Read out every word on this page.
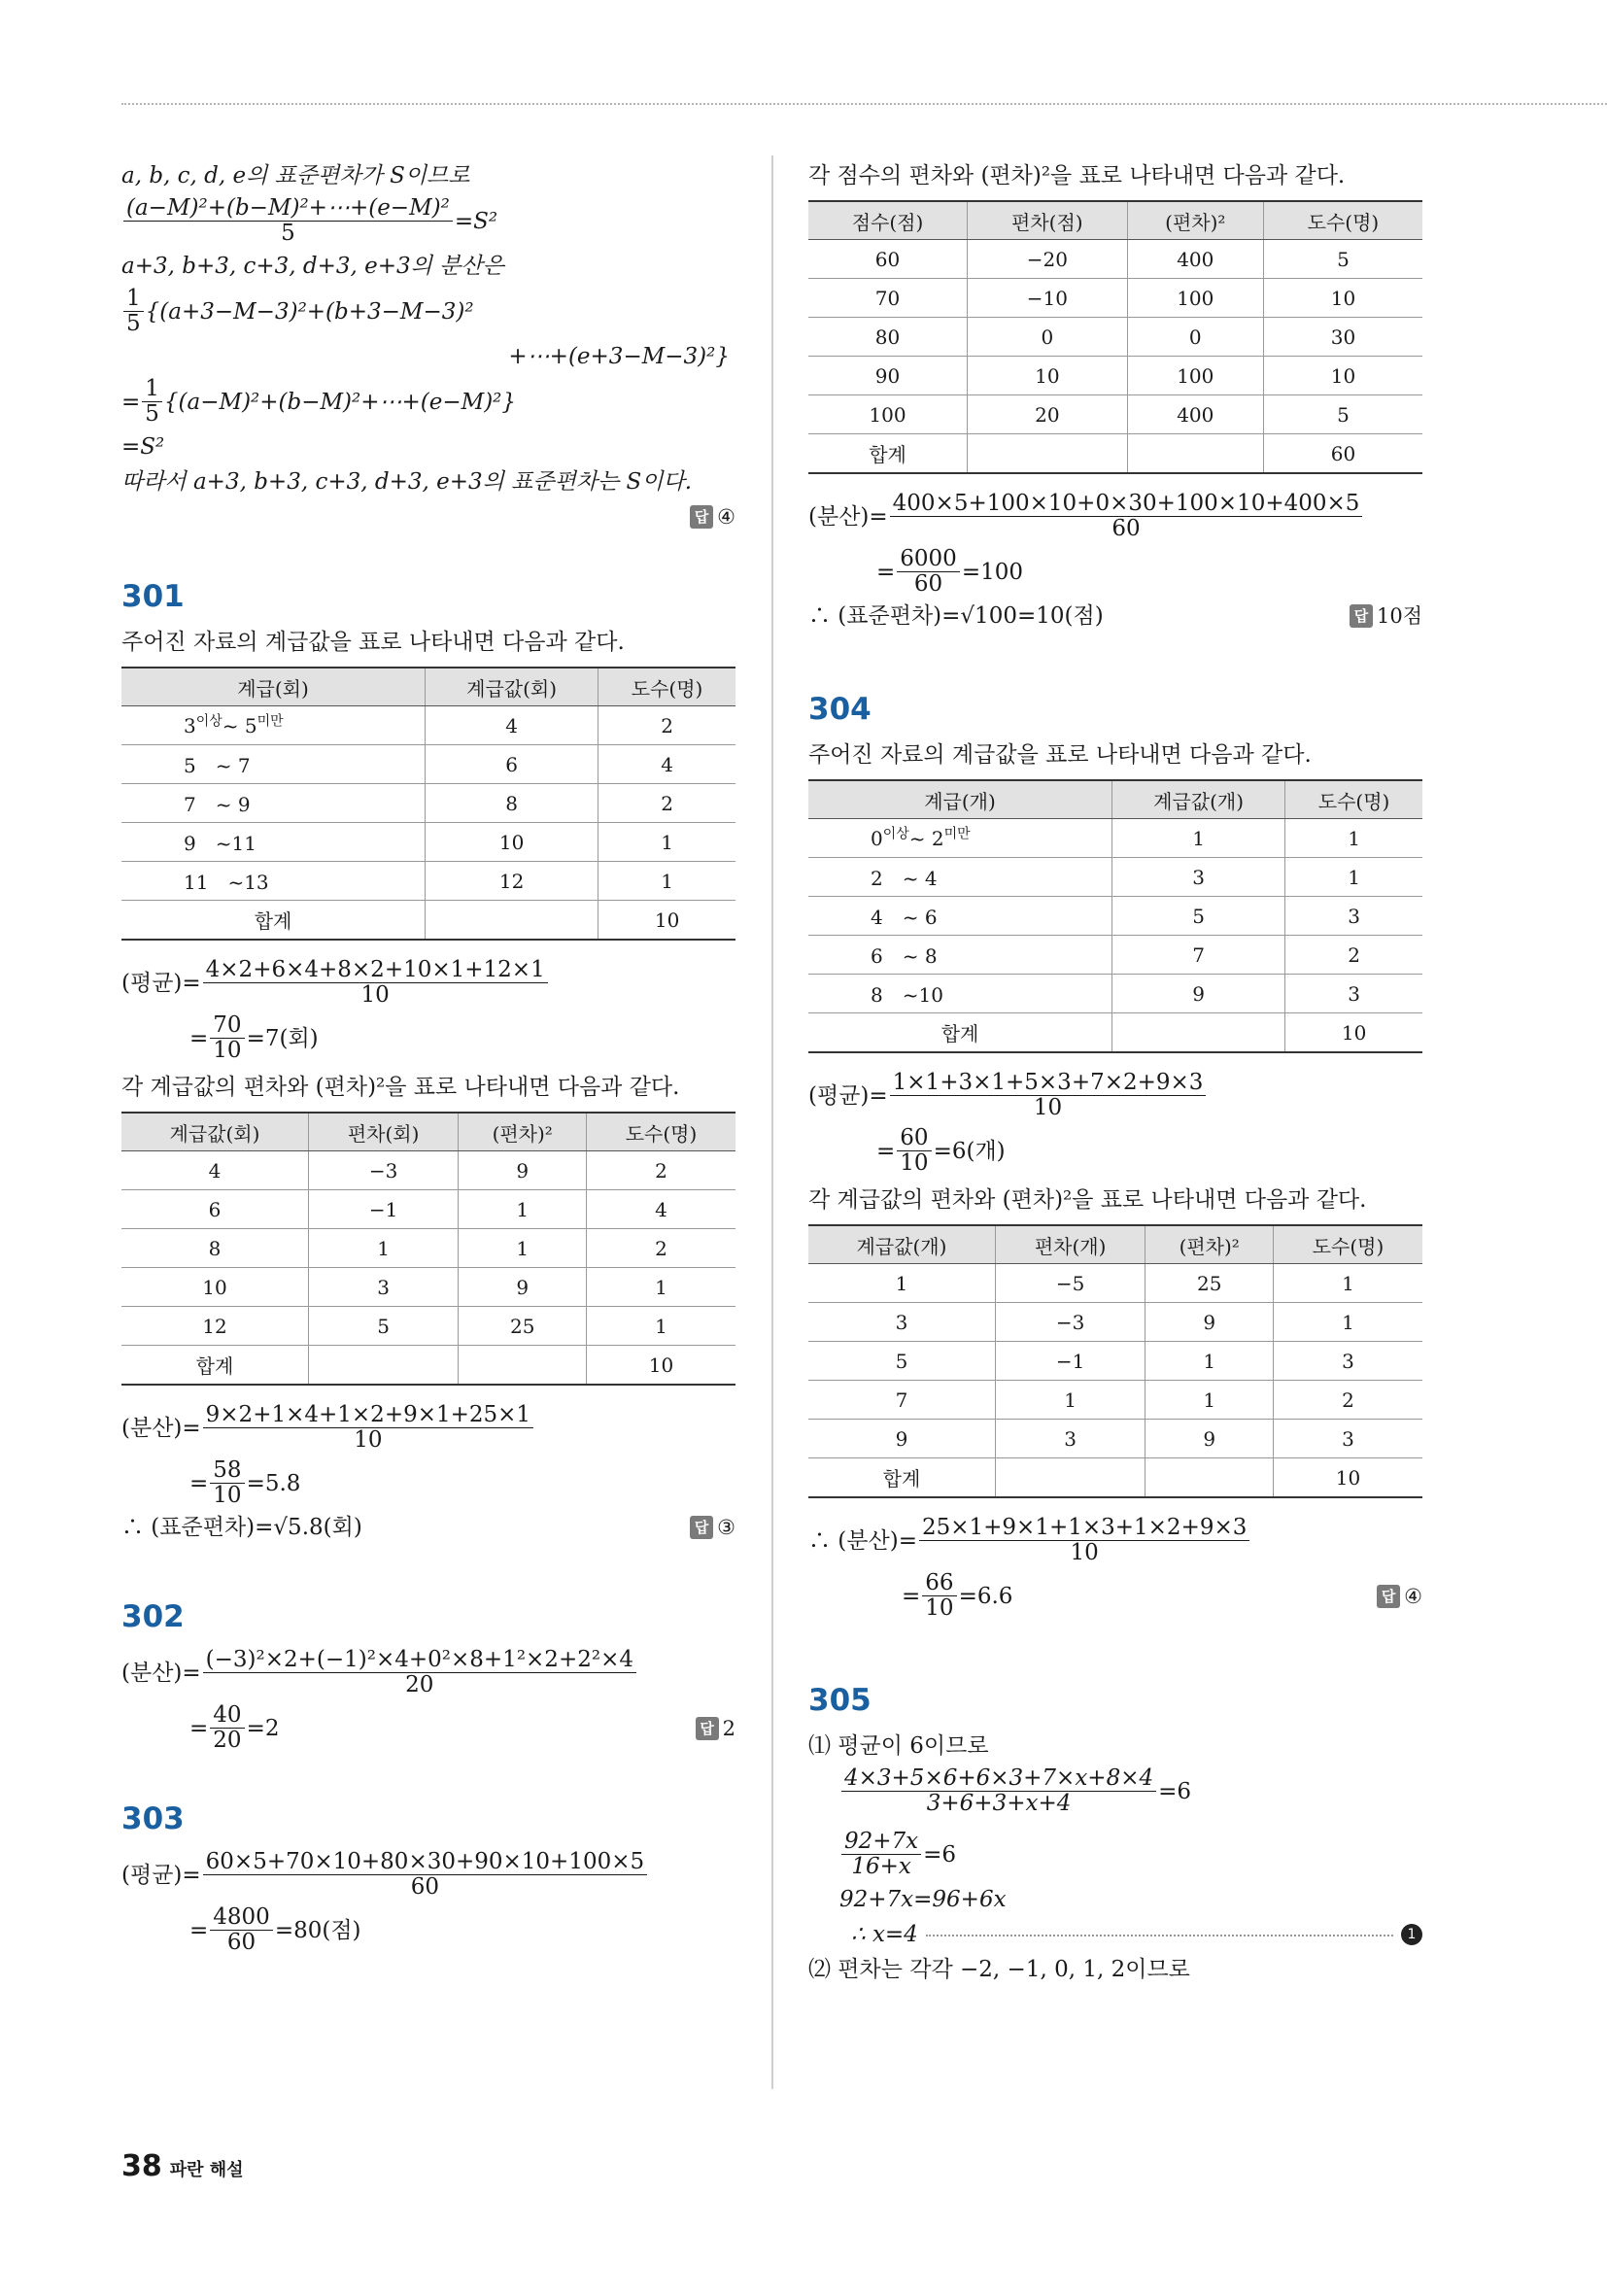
a, b, c, d, e의 표준편차가 S이므로
$\frac{\text{(a−M)²+(b−M)²+⋯+(e−M)²}}{5} =S^2$
a+3, b+3, c+3, d+3, e+3의 분산은
$\frac{1}{5} \{(a+3-M-3)^2+(b+3-M-3)^2$
+⋯+(e+3−M−3)²}
= $\frac{1}{5}$ {(a−M)²+(b−M)²+⋯+(e−M)²}
=S²
따라서 a+3, b+3, c+3, d+3, e+3의 표준편차는 S이다.
답 ④
301
주어진 자료의 계급값을 표로 나타내면 다음과 같다.
계급(회)	계급값(회)	도수(명)
$3^{이상}\sim$ $5^{미만}$	4	2
5　~ 7	6	4
7　~ 9	8	2
9　~11	10	1
11　~13	12	1
합계		10
(평균)= $\frac{4\times 2+6\times 4+8\times 2+10\times 1+12\times 1}{10}$
= $\frac{70}{10} =7$(회)
각 계급값의 편차와 (편차)²을 표로 나타내면 다음과 같다.
계급값(회)	편차(회)	(편차)²	도수(명)
4	−3	9	2
6	−1	1	4
8	1	1	2
10	3	9	1
12	5	25	1
합계			10
(분산)= $\frac{9\times 2+1\times 4+1\times 2+9\times 1+25\times 1}{10}$
= $\frac{58}{10} =5.8$
∴ (표준편차)=√5.8(회)	답 ③
302
(분산)= $\frac{\text{(−3)²×2+(−1)²×4+0²×8+1²×2+2²×4}}{20}$
= $\frac{40}{20} =2$	답 2
303
(평균)= $\frac{60\times 5+70\times 10+80\times 30+90\times 10+100\times 5}{60}$
= $\frac{4800}{60} =80$(점)
각 점수의 편차와 (편차)²을 표로 나타내면 다음과 같다.
점수(점)	편차(점)	(편차)²	도수(명)
60	−20	400	5
70	−10	100	10
80	0	0	30
90	10	100	10
100	20	400	5
합계			60
(분산)= $\frac{400\times 5+100\times 10+0\times 30+100\times 10+400\times 5}{60}$
= $\frac{6000}{60} =100$
∴ (표준편차)=√100=10(점)	답 10점
304
주어진 자료의 계급값을 표로 나타내면 다음과 같다.
계급(개)	계급값(개)	도수(명)
$0^{이상}\sim$ $2^{미만}$	1	1
2　~ 4	3	1
4　~ 6	5	3
6　~ 8	7	2
8　~10	9	3
합계		10
(평균)= $\frac{1\times 1+3\times 1+5\times 3+7\times 2+9\times 3}{10}$
= $\frac{60}{10} =6$(개)
각 계급값의 편차와 (편차)²을 표로 나타내면 다음과 같다.
계급값(개)	편차(개)	(편차)²	도수(명)
1	−5	25	1
3	−3	9	1
5	−1	1	3
7	1	1	2
9	3	9	3
합계			10
∴ (분산)= $\frac{25\times 1+9\times 1+1\times 3+1\times 2+9\times 3}{10}$
= $\frac{66}{10} =6.6$	답 ④
305
⑴ 평균이 6이므로
$\frac{4\times 3+5\times 6+6\times 3+7\times x+8\times 4}{3+6+3+x+4} =6$
$\frac{92+7x}{16+x} =6$
92+7x=96+6x
∴ x=4	1
⑵ 편차는 각각 −2, −1, 0, 1, 2이므로
38 파란 해설
